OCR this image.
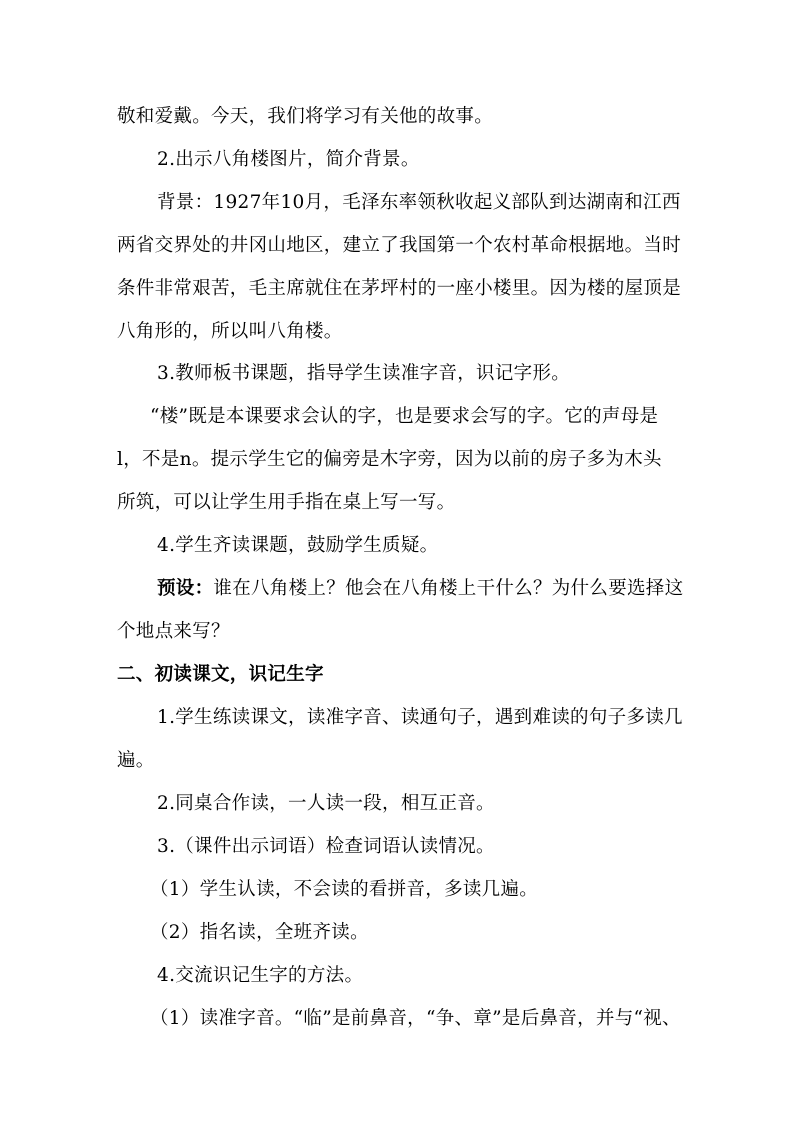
敬和爱戴。今天，我们将学习有关他的故事。
2.出示八角楼图片，简介背景。
背景：1927年10月，毛泽东率领秋收起义部队到达湖南和江西
两省交界处的井冈山地区，建立了我国第一个农村革命根据地。当时
条件非常艰苦，毛主席就住在茅坪村的一座小楼里。因为楼的屋顶是
八角形的，所以叫八角楼。
3.教师板书课题，指导学生读准字音，识记字形。
“楼”既是本课要求会认的字，也是要求会写的字。它的声母是
l，不是n。提示学生它的偏旁是木字旁，因为以前的房子多为木头
所筑，可以让学生用手指在桌上写一写。
4.学生齐读课题，鼓励学生质疑。
预设：谁在八角楼上？他会在八角楼上干什么？为什么要选择这
个地点来写？
二、初读课文，识记生字
1.学生练读课文，读准字音、读通句子，遇到难读的句子多读几
遍。
2.同桌合作读，一人读一段，相互正音。
3.（课件出示词语）检查词语认读情况。
（1）学生认读，不会读的看拼音，多读几遍。
（2）指名读，全班齐读。
4.交流识记生字的方法。
（1）读准字音。“临”是前鼻音，“争、章”是后鼻音，并与“视、
